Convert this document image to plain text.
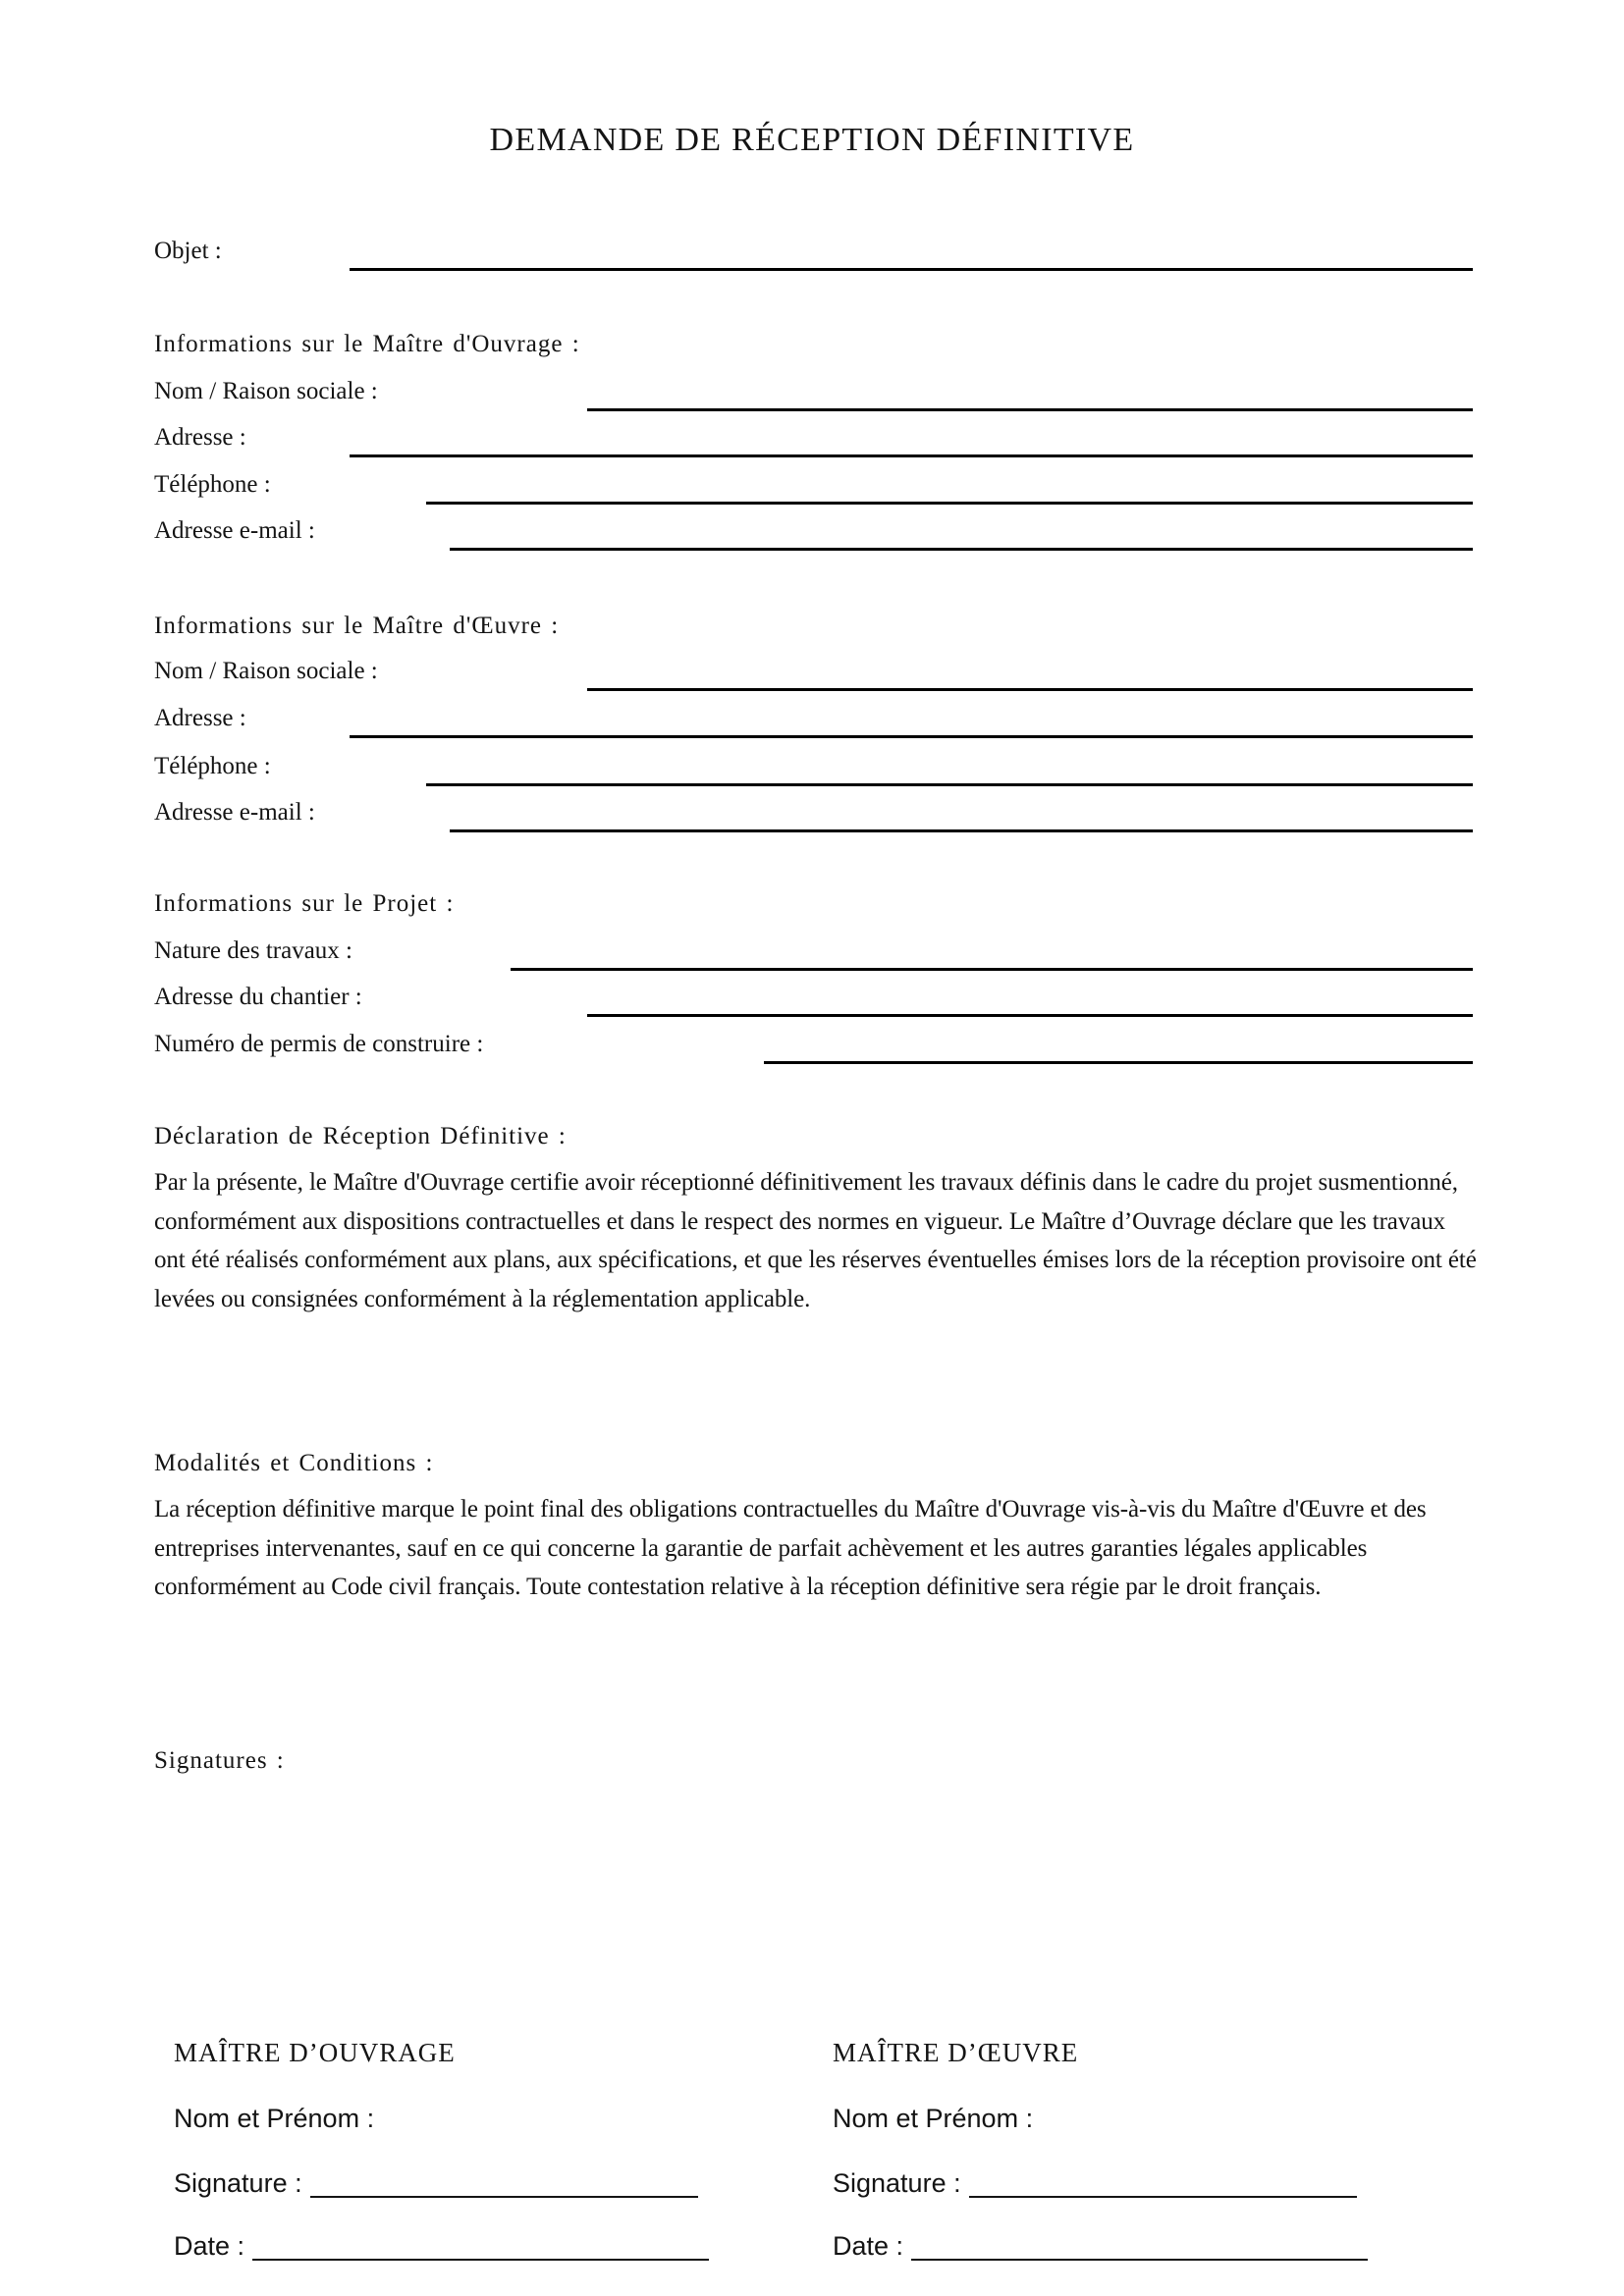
DEMANDE DE RÉCEPTION DÉFINITIVE
Objet :
Informations sur le Maître d'Ouvrage :
Nom / Raison sociale :
Adresse :
Téléphone :
Adresse e-mail :
Informations sur le Maître d'Œuvre :
Nom / Raison sociale :
Adresse :
Téléphone :
Adresse e-mail :
Informations sur le Projet :
Nature des travaux :
Adresse du chantier :
Numéro de permis de construire :
Déclaration de Réception Définitive :
Par la présente, le Maître d'Ouvrage certifie avoir réceptionné définitivement les travaux définis dans le cadre du projet susmentionné, conformément aux dispositions contractuelles et dans le respect des normes en vigueur. Le Maître d’Ouvrage déclare que les travaux ont été réalisés conformément aux plans, aux spécifications, et que les réserves éventuelles émises lors de la réception provisoire ont été levées ou consignées conformément à la réglementation applicable.
Modalités et Conditions :
La réception définitive marque le point final des obligations contractuelles du Maître d'Ouvrage vis-à-vis du Maître d'Œuvre et des entreprises intervenantes, sauf en ce qui concerne la garantie de parfait achèvement et les autres garanties légales applicables conformément au Code civil français. Toute contestation relative à la réception définitive sera régie par le droit français.
Signatures :
MAÎTRE D’OUVRAGE
Nom et Prénom :
Signature :
Date :
MAÎTRE D’ŒUVRE
Nom et Prénom :
Signature :
Date :
